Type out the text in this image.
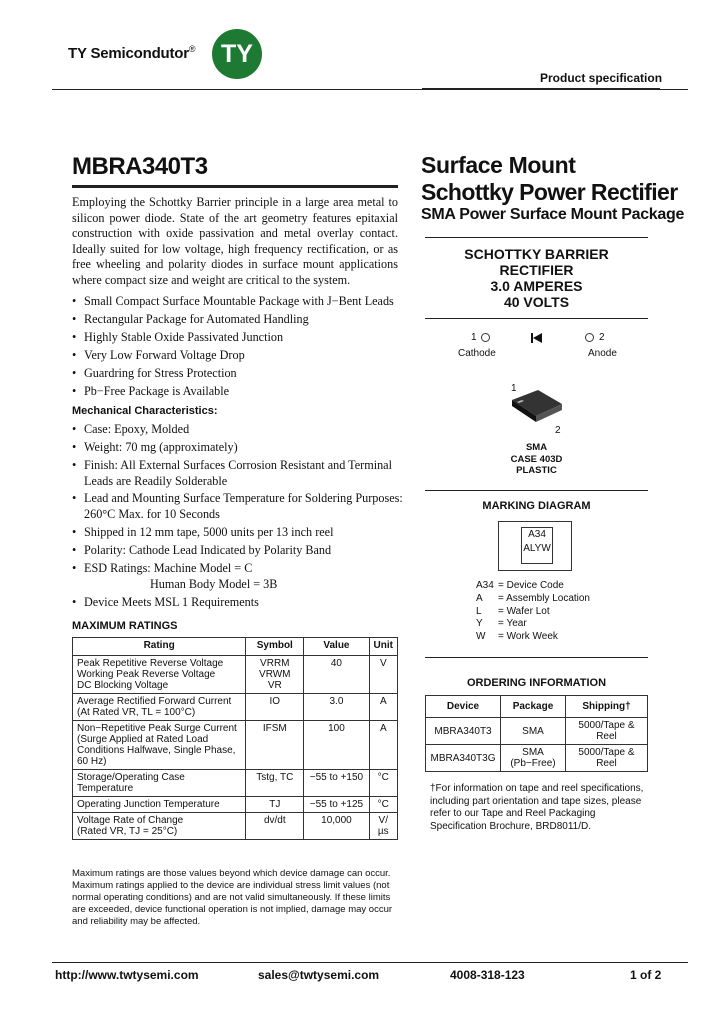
TY Semicondutor®	TY
Product specification
MBRA340T3
Employing the Schottky Barrier principle in a large area metal to silicon power diode. State of the art geometry features epitaxial construction with oxide passivation and metal overlay contact. Ideally suited for low voltage, high frequency rectification, or as free wheeling and polarity diodes in surface mount applications where compact size and weight are critical to the system.
• Small Compact Surface Mountable Package with J−Bent Leads
• Rectangular Package for Automated Handling
• Highly Stable Oxide Passivated Junction
• Very Low Forward Voltage Drop
• Guardring for Stress Protection
• Pb−Free Package is Available
Mechanical Characteristics:
• Case: Epoxy, Molded
• Weight: 70 mg (approximately)
• Finish: All External Surfaces Corrosion Resistant and Terminal
Leads are Readily Solderable
• Lead and Mounting Surface Temperature for Soldering Purposes:
260°C Max. for 10 Seconds
• Shipped in 12 mm tape, 5000 units per 13 inch reel
• Polarity: Cathode Lead Indicated by Polarity Band
• ESD Ratings: Machine Model = C
Human Body Model = 3B
• Device Meets MSL 1 Requirements
MAXIMUM RATINGS
Rating	Symbol	Value	Unit
Peak Repetitive Reverse Voltage
Working Peak Reverse Voltage
DC Blocking Voltage	VRRM
VRWM
VR	40	V
Average Rectified Forward Current
(At Rated VR, TL = 100°C)	IO	3.0	A
Non−Repetitive Peak Surge Current
(Surge Applied at Rated Load
Conditions Halfwave, Single Phase,
60 Hz)	IFSM	100	A
Storage/Operating Case Temperature	Tstg, TC	−55 to +150	°C
Operating Junction Temperature	TJ	−55 to +125	°C
Voltage Rate of Change
(Rated VR, TJ = 25°C)	dv/dt	10,000	V/µs
Maximum ratings are those values beyond which device damage can occur. Maximum ratings applied to the device are individual stress limit values (not normal operating conditions) and are not valid simultaneously. If these limits are exceeded, device functional operation is not implied, damage may occur and reliability may be affected.
Surface Mount
Schottky Power Rectifier
SMA Power Surface Mount Package
SCHOTTKY BARRIER
RECTIFIER
3.0 AMPERES
40 VOLTS
1	2
Cathode	Anode
1
2
SMA
CASE 403D
PLASTIC
MARKING DIAGRAM
A34
ALYW
A34 = Device Code
A = Assembly Location
L = Wafer Lot
Y = Year
W = Work Week
ORDERING INFORMATION
Device	Package	Shipping†
MBRA340T3	SMA	5000/Tape & Reel
MBRA340T3G	SMA
(Pb−Free)	5000/Tape & Reel
†For information on tape and reel specifications, including part orientation and tape sizes, please refer to our Tape and Reel Packaging Specification Brochure, BRD8011/D.
http://www.twtysemi.com	sales@twtysemi.com	4008-318-123	1 of 2
